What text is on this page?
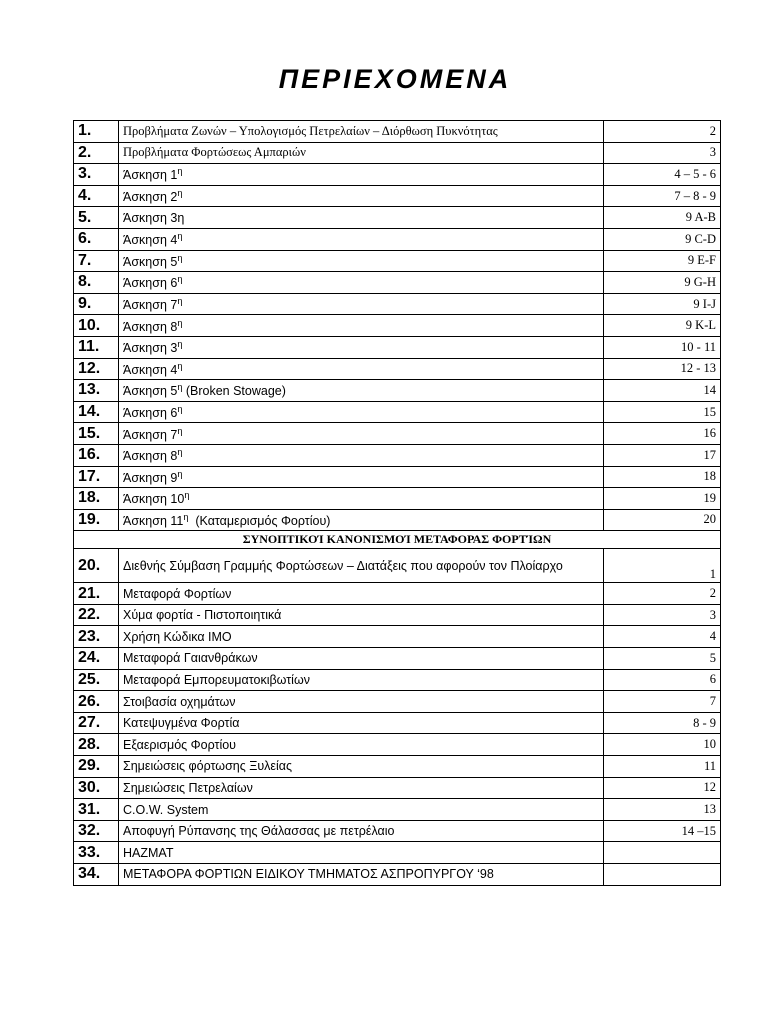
ΠΕΡΙΕΧΟΜΕΝΑ
1.	Προβλήματα Ζωνών – Υπολογισμός Πετρελαίων – Διόρθωση Πυκνότητας	2
2.	Προβλήματα Φορτώσεως Αμπαριών	3
3.	Άσκηση $1^\eta$	4 – 5 - 6
4.	Άσκηση $2^\eta$	7 – 8 - 9
5.	Άσκηση 3η	9 A-B
6.	Άσκηση $4^\eta$	9 C-D
7.	Άσκηση $5^\eta$	9 E-F
8.	Άσκηση $6^\eta$	9 G-H
9.	Άσκηση $7^\eta$	9 I-J
10.	Άσκηση $8^\eta$	9 K-L
11.	Άσκηση $3^\eta$	10 - 11
12.	Άσκηση $4^\eta$	12 - 13
13.	Άσκηση $5^\eta$ (Broken Stowage)	14
14.	Άσκηση $6^\eta$	15
15.	Άσκηση $7^\eta$	16
16.	Άσκηση $8^\eta$	17
17.	Άσκηση $9^\eta$	18
18.	Άσκηση $10^\eta$	19
19.	Άσκηση $11^\eta$  (Καταμερισμός Φορτίου)	20
ΣΥΝΟΠΤΙΚΟΊ ΚΑΝΟΝΙΣΜΟΊ ΜΕΤΑΦΟΡΑΣ ΦΟΡΤΊΩΝ		
20.	Διεθνής Σύμβαση Γραμμής Φορτώσεων – Διατάξεις που αφορούν τον Πλοίαρχο	1
21.	Μεταφορά Φορτίων	2
22.	Χύμα φορτία - Πιστοποιητικά	3
23.	Χρήση Κώδικα ΙΜΟ	4
24.	Μεταφορά Γαιανθράκων	5
25.	Μεταφορά Εμπορευματοκιβωτίων	6
26.	Στοιβασία οχημάτων	7
27.	Κατεψυγμένα Φορτία	8 - 9
28.	Εξαερισμός Φορτίου	10
29.	Σημειώσεις φόρτωσης Ξυλείας	11
30.	Σημειώσεις Πετρελαίων	12
31.	C.O.W. System	13
32.	Αποφυγή Ρύπανσης της Θάλασσας με πετρέλαιο	14 –15
33.	HAZMAT	
34.	ΜΕΤΑΦΟΡΑ ΦΟΡΤΙΩΝ ΕΙΔΙΚΟΥ ΤΜΗΜΑΤΟΣ ΑΣΠΡΟΠΥΡΓΟΥ ‘98	
